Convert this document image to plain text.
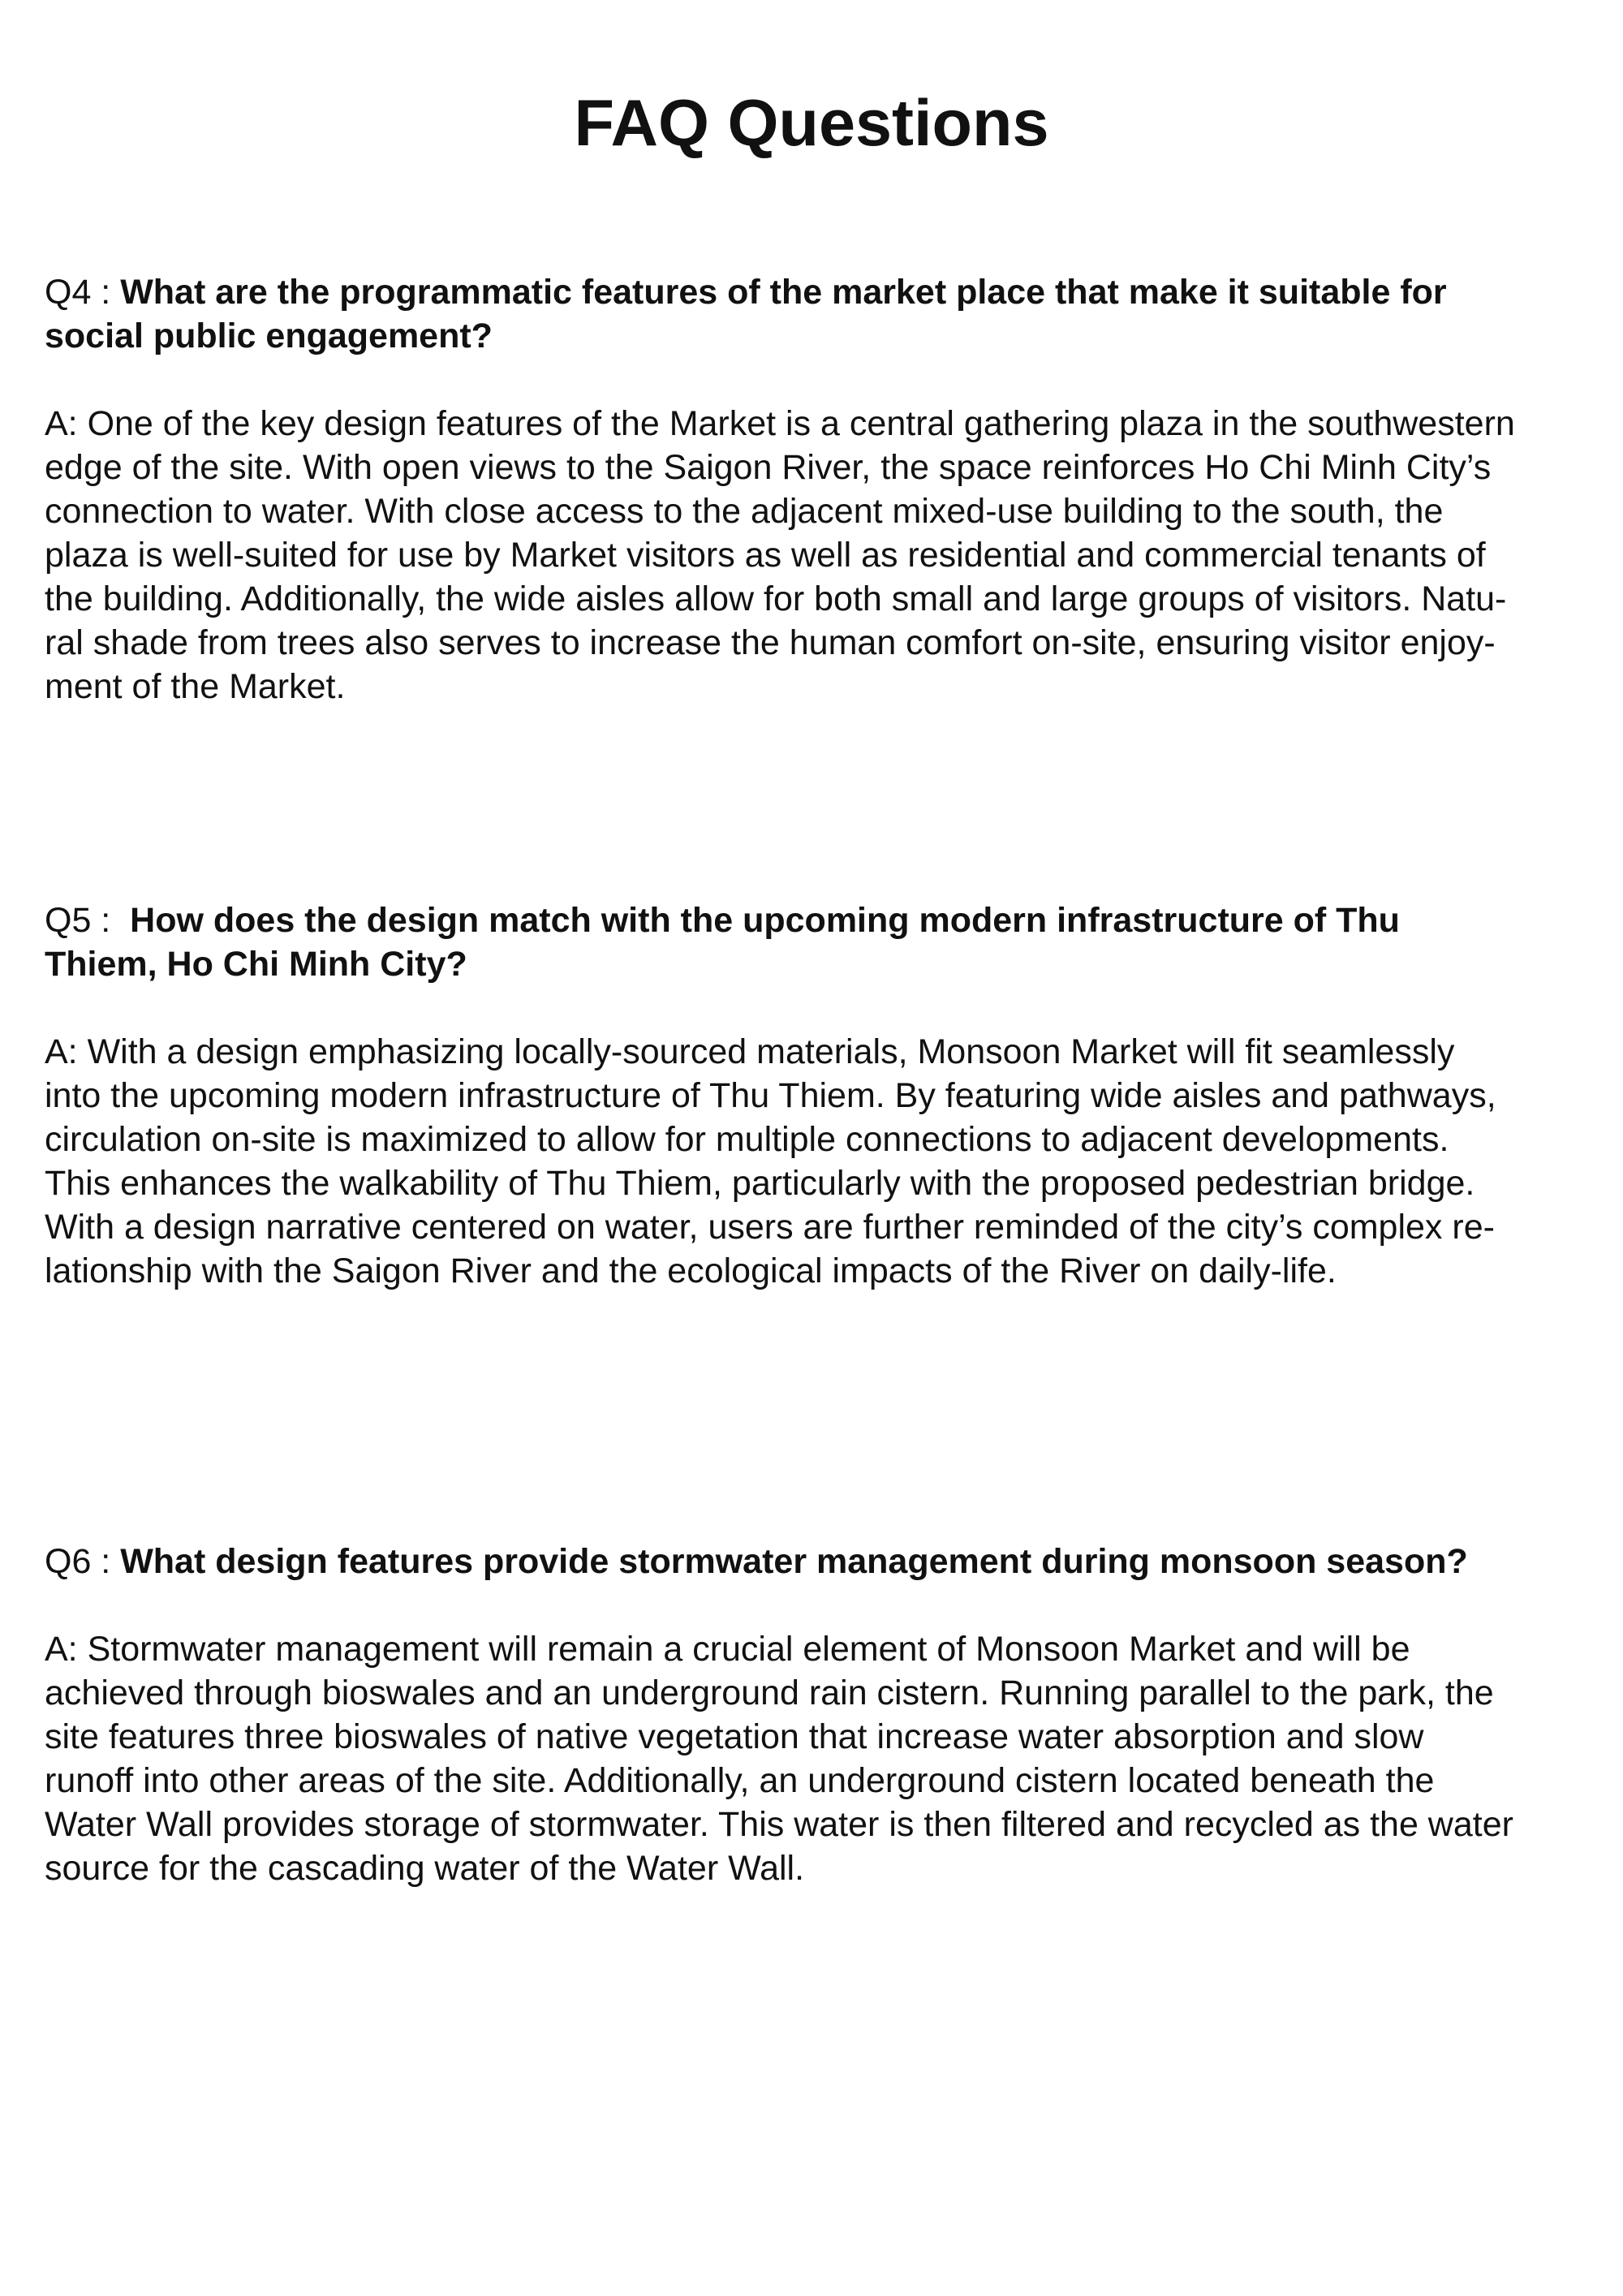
FAQ Questions

Q4 : What are the programmatic features of the market place that make it suitable for
social public engagement?

A: One of the key design features of the Market is a central gathering plaza in the southwestern
edge of the site. With open views to the Saigon River, the space reinforces Ho Chi Minh City’s
connection to water. With close access to the adjacent mixed-use building to the south, the
plaza is well-suited for use by Market visitors as well as residential and commercial tenants of
the building. Additionally, the wide aisles allow for both small and large groups of visitors. Natu-
ral shade from trees also serves to increase the human comfort on-site, ensuring visitor enjoy-
ment of the Market.

Q5 :  How does the design match with the upcoming modern infrastructure of Thu
Thiem, Ho Chi Minh City?

A: With a design emphasizing locally-sourced materials, Monsoon Market will fit seamlessly
into the upcoming modern infrastructure of Thu Thiem. By featuring wide aisles and pathways,
circulation on-site is maximized to allow for multiple connections to adjacent developments.
This enhances the walkability of Thu Thiem, particularly with the proposed pedestrian bridge.
With a design narrative centered on water, users are further reminded of the city’s complex re-
lationship with the Saigon River and the ecological impacts of the River on daily-life.

Q6 : What design features provide stormwater management during monsoon season?

A: Stormwater management will remain a crucial element of Monsoon Market and will be
achieved through bioswales and an underground rain cistern. Running parallel to the park, the
site features three bioswales of native vegetation that increase water absorption and slow
runoff into other areas of the site. Additionally, an underground cistern located beneath the
Water Wall provides storage of stormwater. This water is then filtered and recycled as the water
source for the cascading water of the Water Wall.
